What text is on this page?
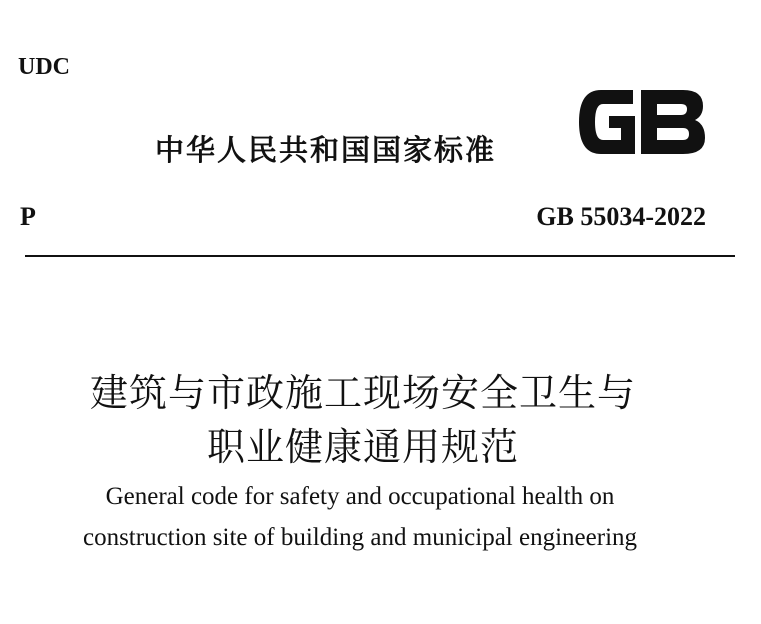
UDC
中华人民共和国国家标准
P	GB 55034-2022
建筑与市政施工现场安全卫生与
职业健康通用规范
General code for safety and occupational health on
construction site of building and municipal engineering
